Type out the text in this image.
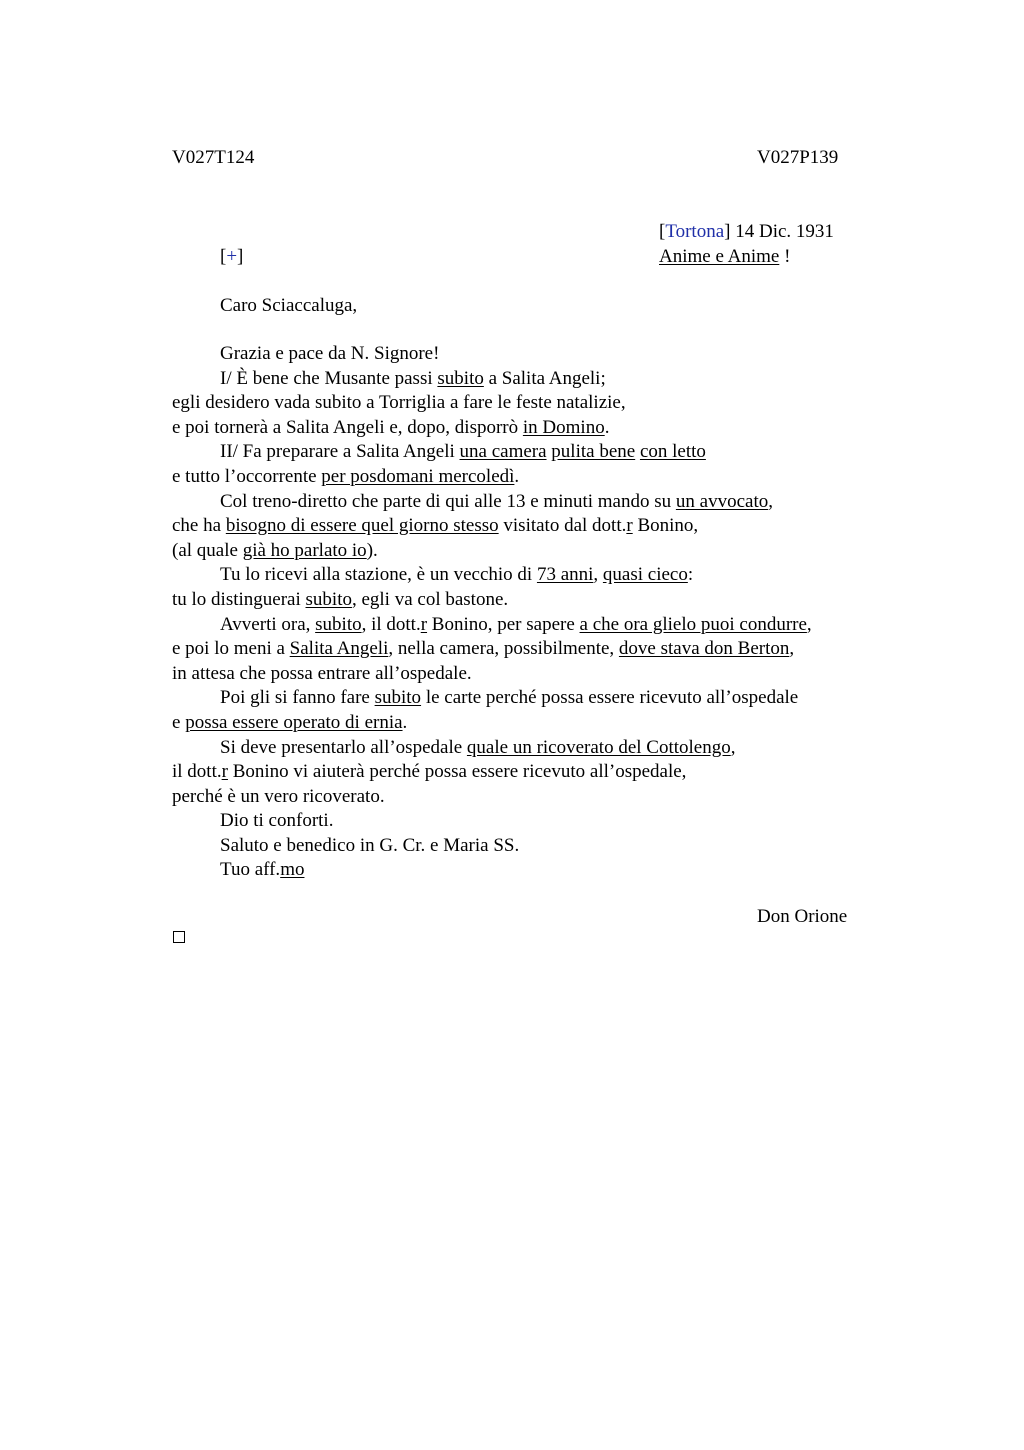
V027T124	V027P139
[Tortona] 14 Dic. 1931
[+]	Anime e Anime !
Caro Sciaccaluga,
Grazia e pace da N. Signore!
I/ È bene che Musante passi subito a Salita Angeli;
egli desidero vada subito a Torriglia a fare le feste natalizie,
e poi tornerà a Salita Angeli e, dopo, disporrò in Domino.
II/ Fa preparare a Salita Angeli una camera pulita bene con letto
e tutto l’occorrente per posdomani mercoledì.
Col treno-diretto che parte di qui alle 13 e minuti mando su un avvocato,
che ha bisogno di essere quel giorno stesso visitato dal dott.r Bonino,
(al quale già ho parlato io).
Tu lo ricevi alla stazione, è un vecchio di 73 anni, quasi cieco:
tu lo distinguerai subito, egli va col bastone.
Avverti ora, subito, il dott.r Bonino, per sapere a che ora glielo puoi condurre,
e poi lo meni a Salita Angeli, nella camera, possibilmente, dove stava don Berton,
in attesa che possa entrare all’ospedale.
Poi gli si fanno fare subito le carte perché possa essere ricevuto all’ospedale
e possa essere operato di ernia.
Si deve presentarlo all’ospedale quale un ricoverato del Cottolengo,
il dott.r Bonino vi aiuterà perché possa essere ricevuto all’ospedale,
perché è un vero ricoverato.
Dio ti conforti.
Saluto e benedico in G. Cr. e Maria SS.
Tuo aff.mo
Don Orione
